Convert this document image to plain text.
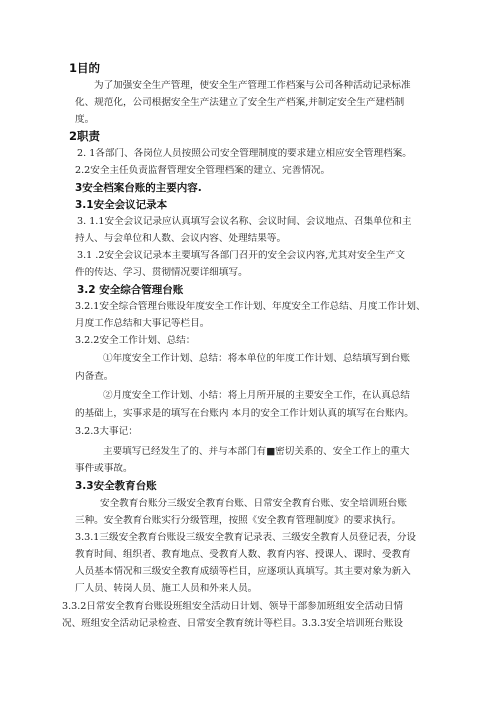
1目的
为了加强安全生产管理，使安全生产管理工作档案与公司各种活动记录标准
化、规范化，公司根据安全生产法建立了安全生产档案,并制定安全生产建档制
度。
2职责
2. 1各部门、各岗位人员按照公司安全管理制度的要求建立相应安全管理档案。
2.2安全主任负责监督管理安全管理档案的建立、完善情况。
3安全档案台账的主要内容.
3.1安全会议记录本
3. 1.1安全会议记录应认真填写会议名称、会议时间、会议地点、召集单位和主
持人、与会单位和人数、会议内容、处理结果等。
3.1 .2安全会议记录本主要填写各部门召开的安全会议内容,尤其对安全生产文
件的传达、学习、贯彻情况要详细填写。
3.2 安全综合管理台账
3.2.1安全综合管理台账设年度安全工作计划、年度安全工作总结、月度工作计划、
月度工作总结和大事记等栏目。
3.2.2安全工作计划、总结：
①年度安全工作计划、总结：将本单位的年度工作计划、总结填写到台账
内备查。
②月度安全工作计划、小结：将上月所开展的主要安全工作，在认真总结
的基础上，实事求是的填写在台账内 本月的安全工作计划认真的填写在台账内。
3.2.3大事记：
主要填写已经发生了的、并与本部门有■密切关系的、安全工作上的重大
事件或事故。
3.3安全教育台账
安全教育台账分三级安全教育台账、日常安全教育台账、安全培训班台账
三种。安全教育台账实行分级管理，按照《安全教育管理制度》的要求执行。
3.3.1三级安全教育台账设三级安全教育记录表、三级安全教育人员登记表，分设
教育时间、组织者、教育地点、受教育人数、教育内容、授课人、课时、受教育
人员基本情况和三级安全教育成绩等栏目，应逐项认真填写。其主要对象为新入
厂人员、转岗人员、施工人员和外来人员。
3.3.2日常安全教育台账设班组安全活动日计划、领导干部参加班组安全活动日情
况、班组安全活动记录检查、日常安全教育统计等栏目。3.3.3安全培训班台账设
